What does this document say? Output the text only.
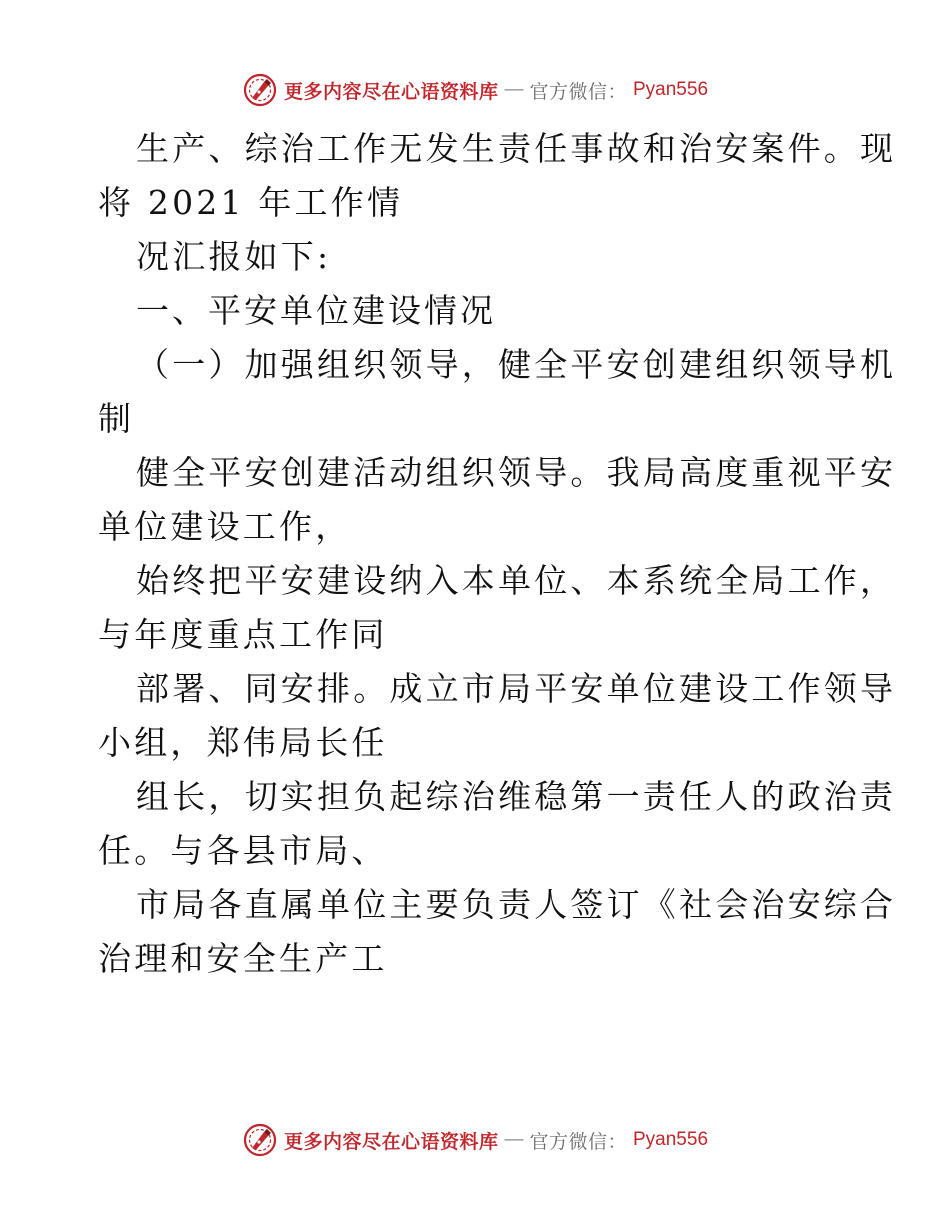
更多内容尽在心语资料库 — 官方微信： Pyan556
生产、综治工作无发生责任事故和治安案件。现
将 2021 年工作情
况汇报如下:
一、平安单位建设情况
（一）加强组织领导，健全平安创建组织领导机
制
健全平安创建活动组织领导。我局高度重视平安
单位建设工作，
始终把平安建设纳入本单位、本系统全局工作，
与年度重点工作同
部署、同安排。成立市局平安单位建设工作领导
小组，郑伟局长任
组长，切实担负起综治维稳第一责任人的政治责
任。与各县市局、
市局各直属单位主要负责人签订《社会治安综合
治理和安全生产工
更多内容尽在心语资料库 — 官方微信： Pyan556
